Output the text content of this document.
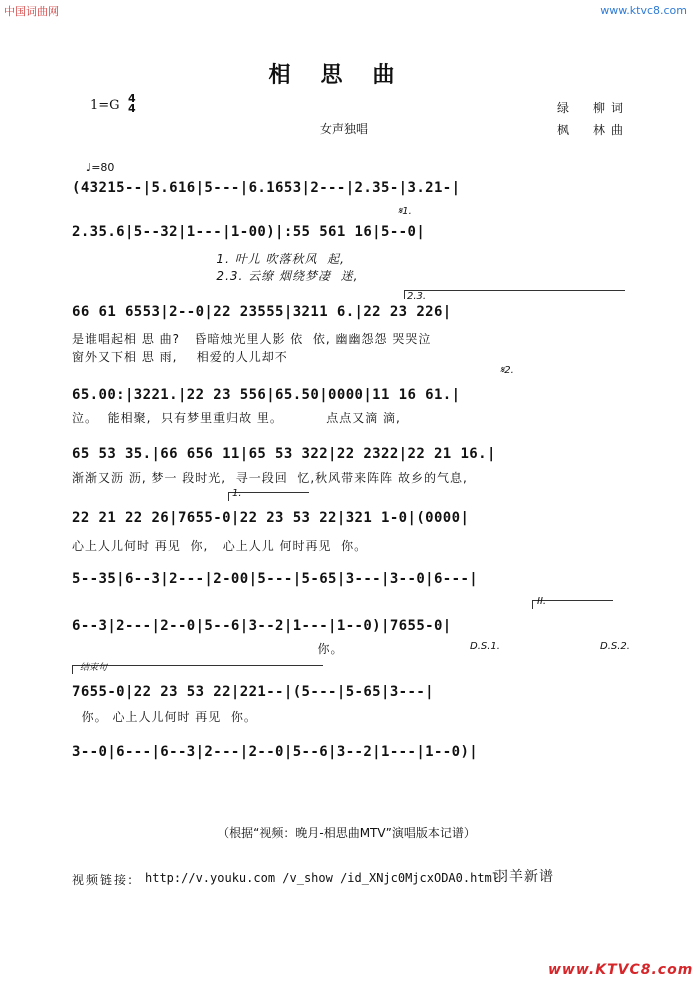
中国词曲网	www.ktvc8.com
相思曲
1=G 4
4
女声独唱
绿　柳词
枫　林曲
♩=80
(43215--|5.616|5---|6.1653|2---|2.35-|3.21-|
𝄋1.
2.35.6|5--32|1---|1-00)|:55 561 16|5--0|
1. 叶儿 吹落秋风  起,
2.3. 云缭 烟绕梦凄  迷,
2.3.
66 61 6553|2--0|22 23555|3211 6.|22 23 226|
是谁唱起相 思 曲?   昏暗烛光里人影 依  依, 幽幽怨怨 哭哭泣
窗外又下相 思 雨,    相爱的人儿却不
𝄋2.
65.00:|3221.|22 23 556|65.50|0000|11 16 61.|
泣。  能相聚,  只有梦里重归故 里。         点点又滴 滴,
65 53 35.|66 656 11|65 53 322|22 2322|22 21 16.|
渐渐又沥 沥, 梦一 段时光,  寻一段回  忆,秋风带来阵阵 故乡的气息,
1.
22 21 22 26|7655-0|22 23 53 22|321 1-0|(0000|
心上人儿何时 再见  你,   心上人儿 何时再见  你。
5--35|6--3|2---|2-00|5---|5-65|3---|3--0|6---|
II.
6--3|2---|2--0|5--6|3--2|1---|1--0)|7655-0|
D.S.1.	D.S.2.
你。
结束句
7655-0|22 23 53 22|221--|(5---|5-65|3---|
你。 心上人儿何时 再见  你。
3--0|6---|6--3|2---|2--0|5--6|3--2|1---|1--0)|
（根据“视频：晚月-相思曲MTV”演唱版本记谱）
视频链接: http://v.youku.com /v_show /id_XNjc0MjcxODA0.html
羽羊新谱
www.KTVC8.com
